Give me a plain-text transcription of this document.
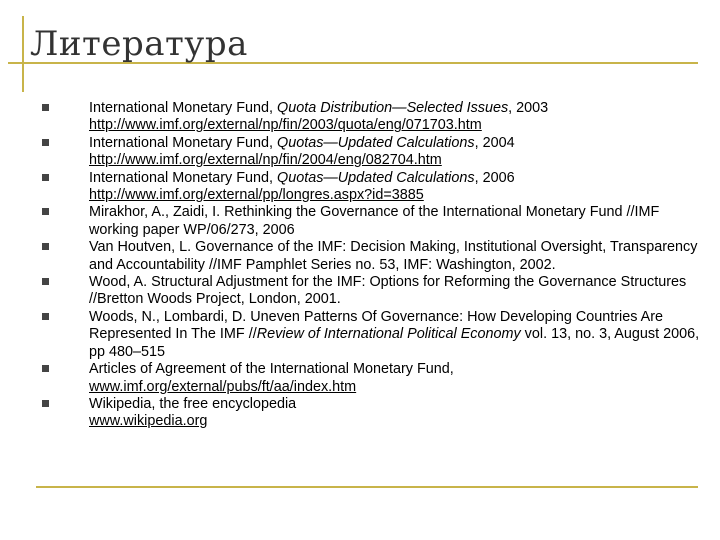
Литература
International Monetary Fund, Quota Distribution—Selected Issues, 2003
http://www.imf.org/external/np/fin/2003/quota/eng/071703.htm
International Monetary Fund, Quotas—Updated Calculations, 2004
http://www.imf.org/external/np/fin/2004/eng/082704.htm
International Monetary Fund, Quotas—Updated Calculations, 2006
http://www.imf.org/external/pp/longres.aspx?id=3885
Mirakhor, A., Zaidi, I. Rethinking the Governance of the International Monetary Fund //IMF working paper WP/06/273, 2006
Van Houtven, L. Governance of the IMF: Decision Making, Institutional Oversight, Transparency and Accountability //IMF Pamphlet Series no. 53, IMF: Washington, 2002.
Wood, A. Structural Adjustment for the IMF: Options for Reforming the Governance Structures //Bretton Woods Project, London, 2001.
Woods, N., Lombardi, D. Uneven Patterns Of Governance: How Developing Countries Are Represented In The IMF //Review of International Political Economy vol. 13, no. 3, August 2006, pp 480–515
Articles of Agreement of the International Monetary Fund,
www.imf.org/external/pubs/ft/aa/index.htm
Wikipedia, the free encyclopedia
www.wikipedia.org
